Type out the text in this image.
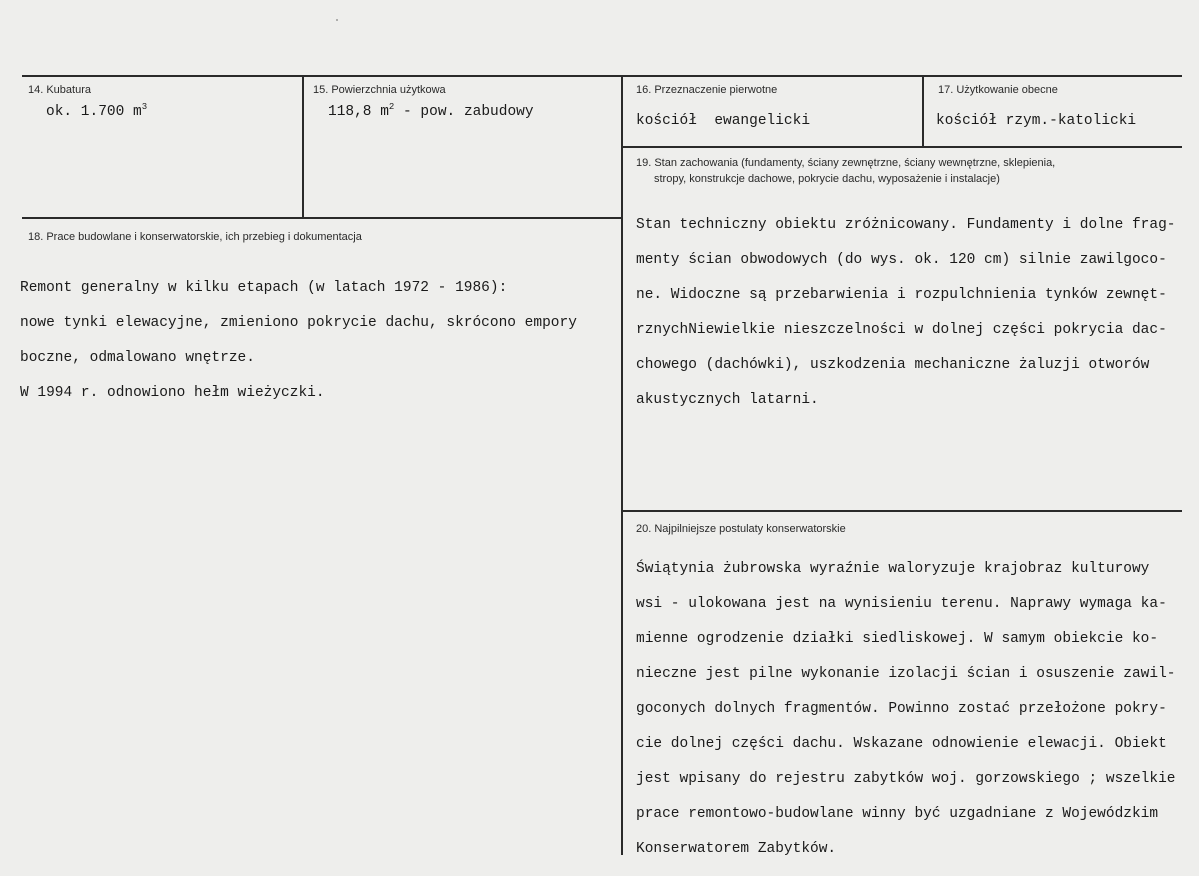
14. Kubatura
ok. 1.700 $m^3$
15. Powierzchnia użytkowa
118,8 $m^2$ - pow. zabudowy
16. Przeznaczenie pierwotne
kościół  ewangelicki
17. Użytkowanie obecne
kościół rzym.-katolicki
18. Prace budowlane i konserwatorskie, ich przebieg i dokumentacja

Remont generalny w kilku etapach (w latach 1972 - 1986):

nowe tynki elewacyjne, zmieniono pokrycie dachu, skrócono empory

boczne, odmalowano wnętrze.

W 1994 r. odnowiono hełm wieżyczki.

19. Stan zachowania (fundamenty, ściany zewnętrzne, ściany wewnętrzne, sklepienia,
stropy, konstrukcje dachowe, pokrycie dachu, wyposażenie i instalacje)

Stan techniczny obiektu zróżnicowany. Fundamenty i dolne frag-

menty ścian obwodowych (do wys. ok. 120 cm) silnie zawilgoco-

ne. Widoczne są przebarwienia i rozpulchnienia tynków zewnęt-

rznychNiewielkie nieszczelności w dolnej części pokrycia dac-

chowego (dachówki), uszkodzenia mechaniczne żaluzji otworów

akustycznych latarni.

20. Najpilniejsze postulaty konserwatorskie

Świątynia żubrowska wyraźnie waloryzuje krajobraz kulturowy

wsi - ulokowana jest na wynisieniu terenu. Naprawy wymaga ka-

mienne ogrodzenie działki siedliskowej. W samym obiekcie ko-

nieczne jest pilne wykonanie izolacji ścian i osuszenie zawil-

goconych dolnych fragmentów. Powinno zostać przełożone pokry-

cie dolnej części dachu. Wskazane odnowienie elewacji. Obiekt

jest wpisany do rejestru zabytków woj. gorzowskiego ; wszelkie

prace remontowo-budowlane winny być uzgadniane z Wojewódzkim

Konserwatorem Zabytków.
